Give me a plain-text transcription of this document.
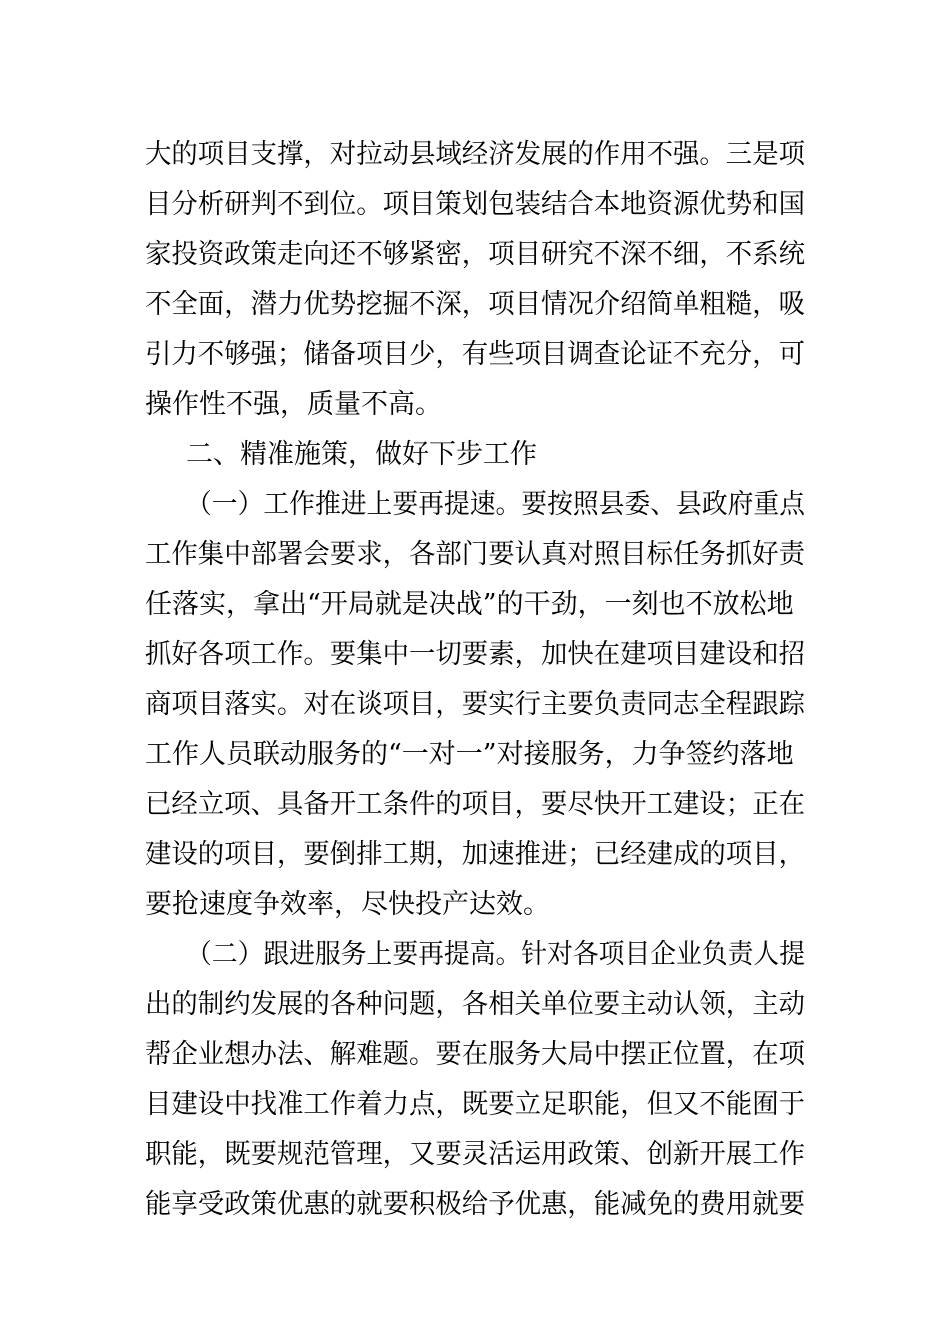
大的项目支撑，对拉动县域经济发展的作用不强。三是项
目分析研判不到位。项目策划包装结合本地资源优势和国
家投资政策走向还不够紧密，项目研究不深不细，不系统
不全面，潜力优势挖掘不深，项目情况介绍简单粗糙，吸
引力不够强；储备项目少，有些项目调查论证不充分，可
操作性不强，质量不高。
二、精准施策，做好下步工作
（一）工作推进上要再提速。要按照县委、县政府重点
工作集中部署会要求，各部门要认真对照目标任务抓好责
任落实，拿出“开局就是决战”的干劲，一刻也不放松地
抓好各项工作。要集中一切要素，加快在建项目建设和招
商项目落实。对在谈项目，要实行主要负责同志全程跟踪
工作人员联动服务的“一对一”对接服务，力争签约落地
已经立项、具备开工条件的项目，要尽快开工建设；正在
建设的项目，要倒排工期，加速推进；已经建成的项目，
要抢速度争效率，尽快投产达效。
（二）跟进服务上要再提高。针对各项目企业负责人提
出的制约发展的各种问题，各相关单位要主动认领，主动
帮企业想办法、解难题。要在服务大局中摆正位置，在项
目建设中找准工作着力点，既要立足职能，但又不能囿于
职能，既要规范管理，又要灵活运用政策、创新开展工作
能享受政策优惠的就要积极给予优惠，能减免的费用就要
